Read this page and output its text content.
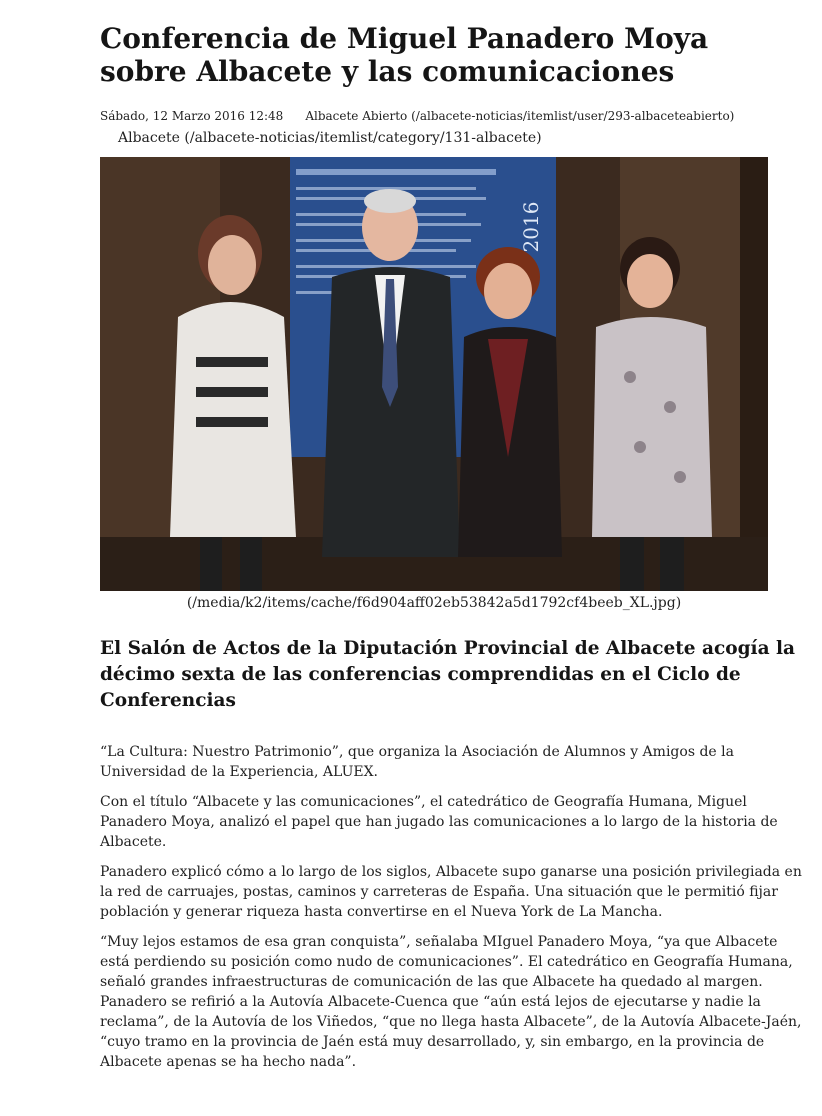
Conferencia de Miguel Panadero Moya sobre Albacete y las comunicaciones
Sábado, 12 Marzo 2016 12:48 Albacete Abierto (/albacete-noticias/itemlist/user/293-albaceteabierto)
Albacete (/albacete-noticias/itemlist/category/131-albacete)
2016
(/media/k2/items/cache/f6d904aff02eb53842a5d1792cf4beeb_XL.jpg)
El Salón de Actos de la Diputación Provincial de Albacete acogía la décimo sexta de las conferencias comprendidas en el Ciclo de Conferencias

“La Cultura: Nuestro Patrimonio”, que organiza la Asociación de Alumnos y Amigos de la Universidad de la Experiencia, ALUEX.

Con el título “Albacete y las comunicaciones”, el catedrático de Geografía Humana, Miguel Panadero Moya, analizó el papel que han jugado las comunicaciones a lo largo de la historia de Albacete.

Panadero explicó cómo a lo largo de los siglos, Albacete supo ganarse una posición privilegiada en la red de carruajes, postas, caminos y carreteras de España. Una situación que le permitió fijar población y generar riqueza hasta convertirse en el Nueva York de La Mancha.

“Muy lejos estamos de esa gran conquista”, señalaba MIguel Panadero Moya, “ya que Albacete está perdiendo su posición como nudo de comunicaciones”. El catedrático en Geografía Humana, señaló grandes infraestructuras de comunicación de las que Albacete ha quedado al margen. Panadero se refirió a la Autovía Albacete-Cuenca que “aún está lejos de ejecutarse y nadie la reclama”, de la Autovía de los Viñedos, “que no llega hasta Albacete”, de la Autovía Albacete-Jaén, “cuyo tramo en la provincia de Jaén está muy desarrollado, y, sin embargo, en la provincia de Albacete apenas se ha hecho nada”.
